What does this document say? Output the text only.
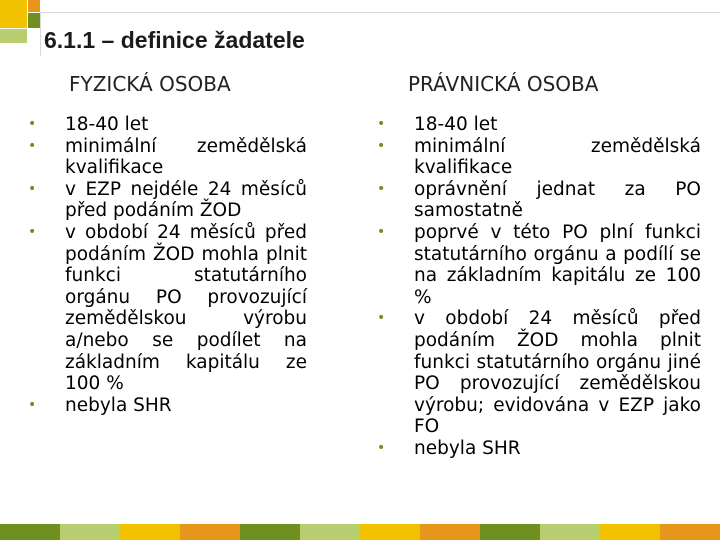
6.1.1 – definice žadatele
FYZICKÁ OSOBA	PRÁVNICKÁ OSOBA
• 18-40 let
• minimální zemědělská kvalifikace
• v EZP nejdéle 24 měsíců před podáním ŽOD
• v období 24 měsíců před podáním ŽOD mohla plnit funkci statutárního orgánu PO provozující zemědělskou výrobu a/nebo se podílet na základním kapitálu ze 100 %
• nebyla SHR
• 18-40 let
• minimální zemědělská kvalifikace
• oprávnění jednat za PO samostatně
• poprvé v této PO plní funkci statutárního orgánu a podílí se na základním kapitálu ze 100 %
• v období 24 měsíců před podáním ŽOD mohla plnit funkci statutárního orgánu jiné PO provozující zemědělskou výrobu; evidována v EZP jako FO
• nebyla SHR
